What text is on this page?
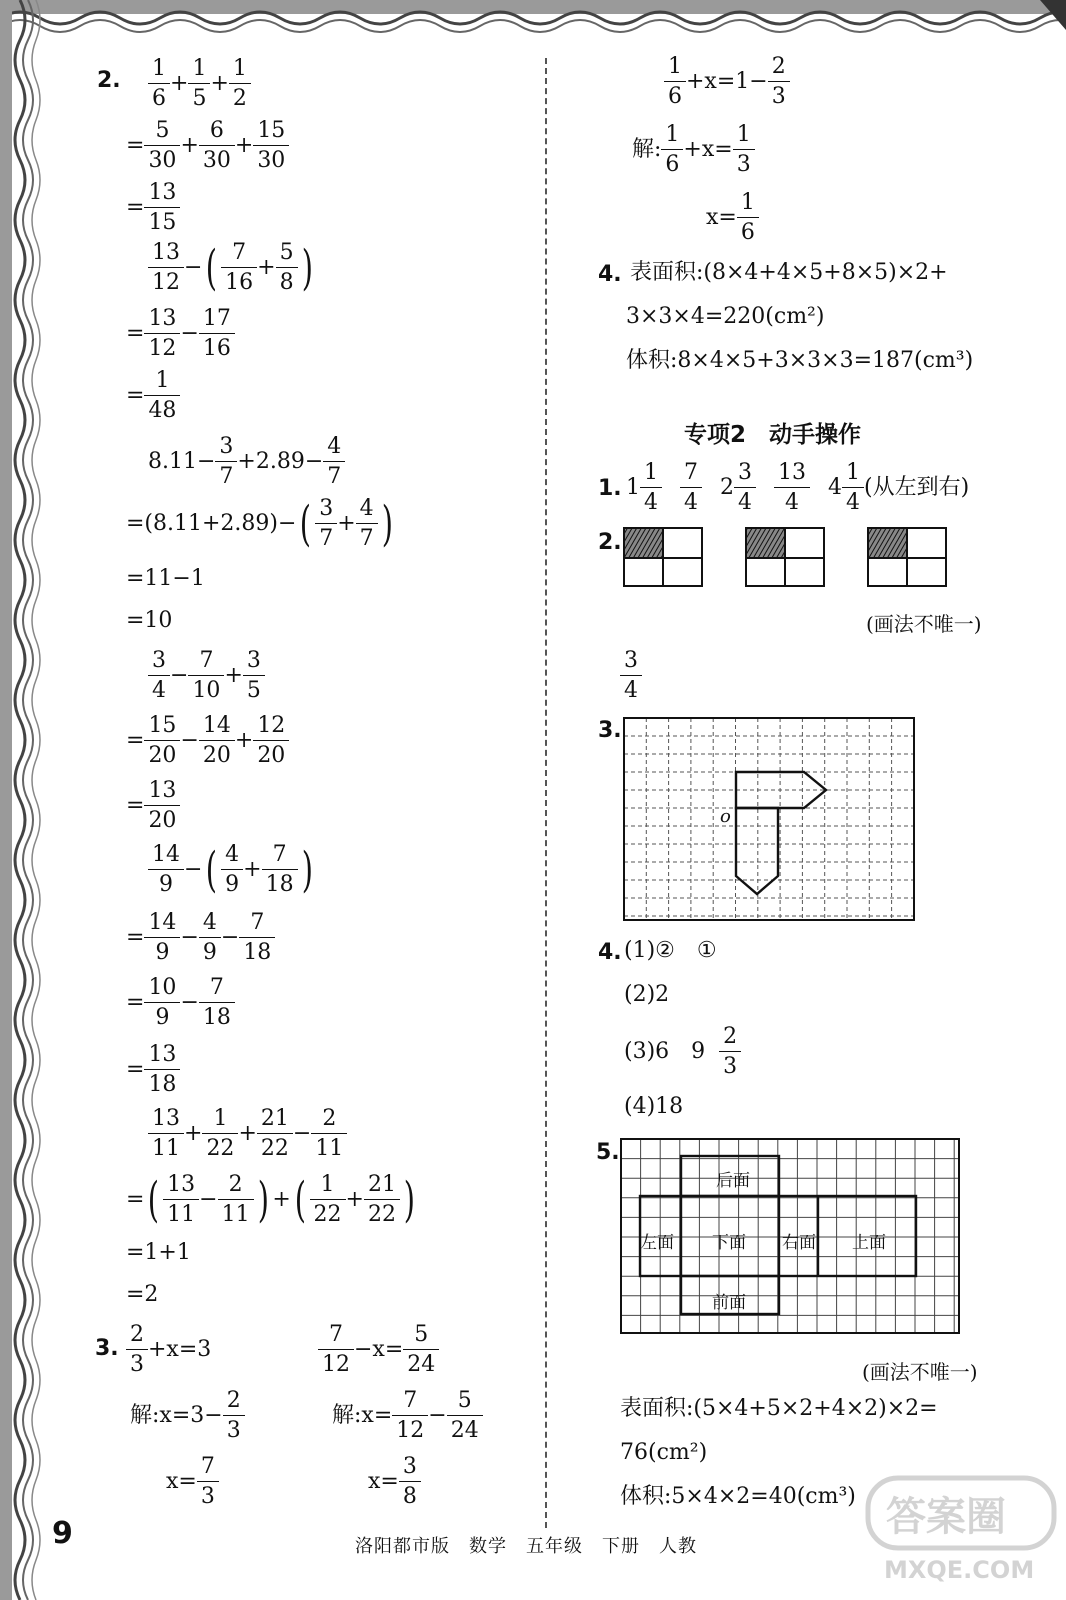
2. $\frac{1}{6} + \frac{1}{5} + \frac{1}{2}$
= $\frac{5}{30} + \frac{6}{30} + \frac{15}{30}$
= $\frac{13}{15}$
$\frac{13}{12}$ − ( $\frac{7}{16} + \frac{5}{8}$ )
= $\frac{13}{12} - \frac{17}{16}$
= $\frac{1}{48}$
$8.11 - \frac{3}{7} +2.89 - \frac{4}{7}$
=(8.11+2.89) − ( $\frac{3}{7} + \frac{4}{7}$ )
=11−1
=10
$\frac{3}{4} - \frac{7}{10} + \frac{3}{5}$
= $\frac{15}{20} - \frac{14}{20} + \frac{12}{20}$
= $\frac{13}{20}$
$\frac{14}{9}$ − ( $\frac{4}{9} + \frac{7}{18}$ )
= $\frac{14}{9} - \frac{4}{9} - \frac{7}{18}$
= $\frac{10}{9} - \frac{7}{18}$
= $\frac{13}{18}$
$\frac{13}{11} + \frac{1}{22} + \frac{21}{22} - \frac{2}{11}$
= ( $\frac{13}{11} - \frac{2}{11}$ ) + ( $\frac{1}{22} + \frac{21}{22}$ )
=1+1
=2
3. $\frac{2}{3} +x=3$
解:x=3− $\frac{2}{3}$
$x= \frac{7}{3}$
$\frac{7}{12} -x= \frac{5}{24}$
解:x= $\frac{7}{12} - \frac{5}{24}$
$x= \frac{3}{8}$
$\frac{1}{6} +x=1- \frac{2}{3}$
解: $\frac{1}{6} +x= \frac{1}{3}$
$x= \frac{1}{6}$
4. 表面积:(8×4+4×5+8×5)×2+
3×3×4=220(cm²)
体积:8×4×5+3×3×3=187(cm³)
专项2　动手操作
1. $1 \frac{1}{4} \frac{7}{4} 2 \frac{3}{4} \frac{13}{4} 4 \frac{1}{4}$ (从左到右)
2.
(画法不唯一)
$\frac{3}{4}$
3.
o
4. (1)②　①
(2)2
(3)6　$9 \frac{2}{3}$
(4)18
5.
后面
左面 下面 右面 上面
前面
(画法不唯一)
表面积:(5×4+5×2+4×2)×2=
76(cm²)
体积:5×4×2=40(cm³) 答案圈
MXQE.COM
9	洛阳都市版　数学　五年级　下册　人教
